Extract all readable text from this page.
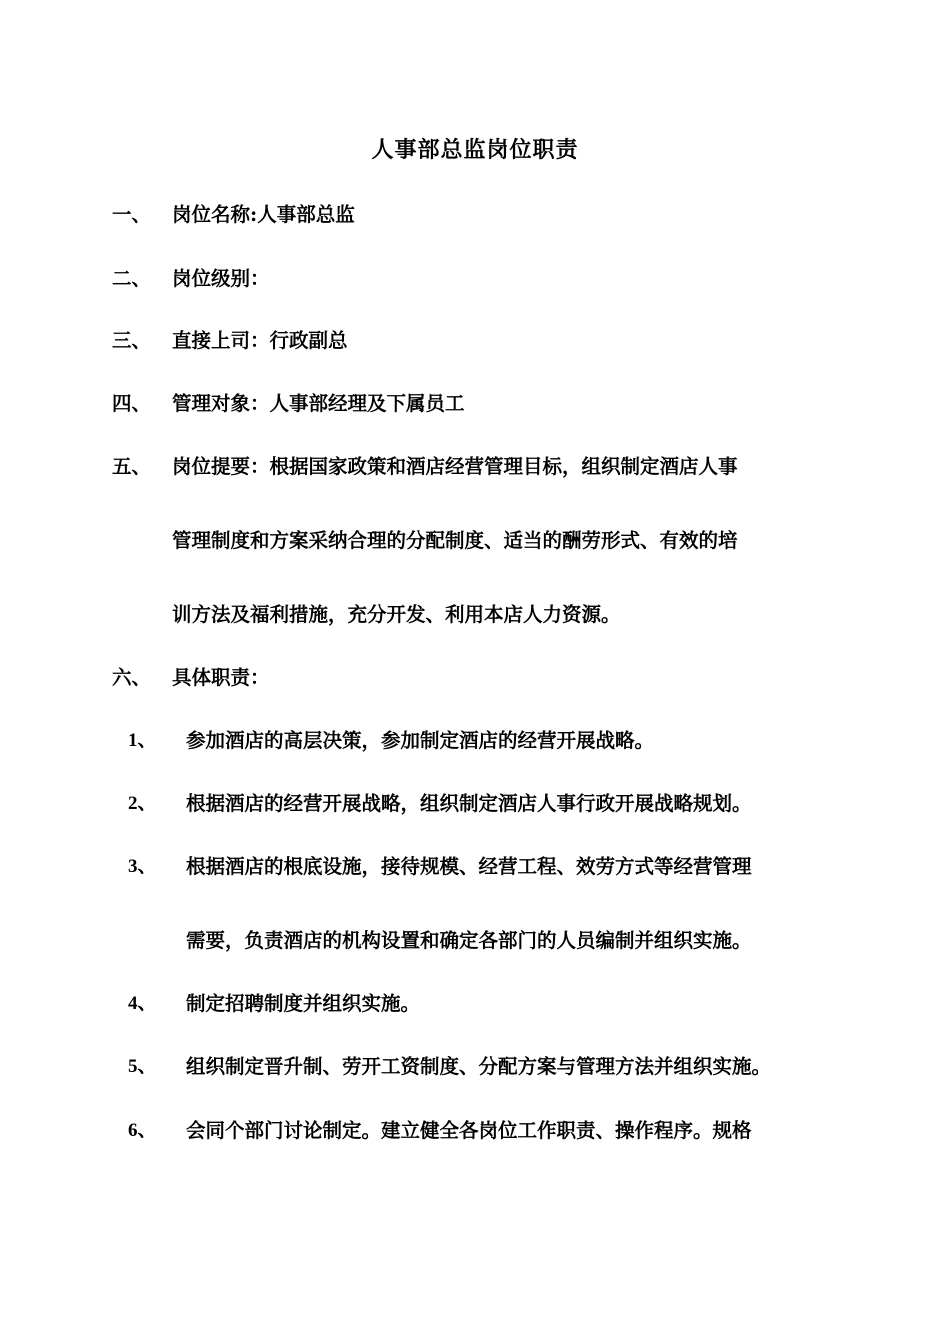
人事部总监岗位职责
一、 岗位名称:人事部总监
二、 岗位级别：
三、 直接上司：行政副总
四、 管理对象：人事部经理及下属员工
五、 岗位提要：根据国家政策和酒店经营管理目标，组织制定酒店人事
管理制度和方案采纳合理的分配制度、适当的酬劳形式、有效的培
训方法及福利措施，充分开发、利用本店人力资源。
六、 具体职责：
1、 参加酒店的高层决策，参加制定酒店的经营开展战略。
2、 根据酒店的经营开展战略，组织制定酒店人事行政开展战略规划。
3、 根据酒店的根底设施，接待规模、经营工程、效劳方式等经营管理
需要，负责酒店的机构设置和确定各部门的人员编制并组织实施。
4、 制定招聘制度并组织实施。
5、 组织制定晋升制、劳开工资制度、分配方案与管理方法并组织实施。
6、 会同个部门讨论制定。建立健全各岗位工作职责、操作程序。规格
